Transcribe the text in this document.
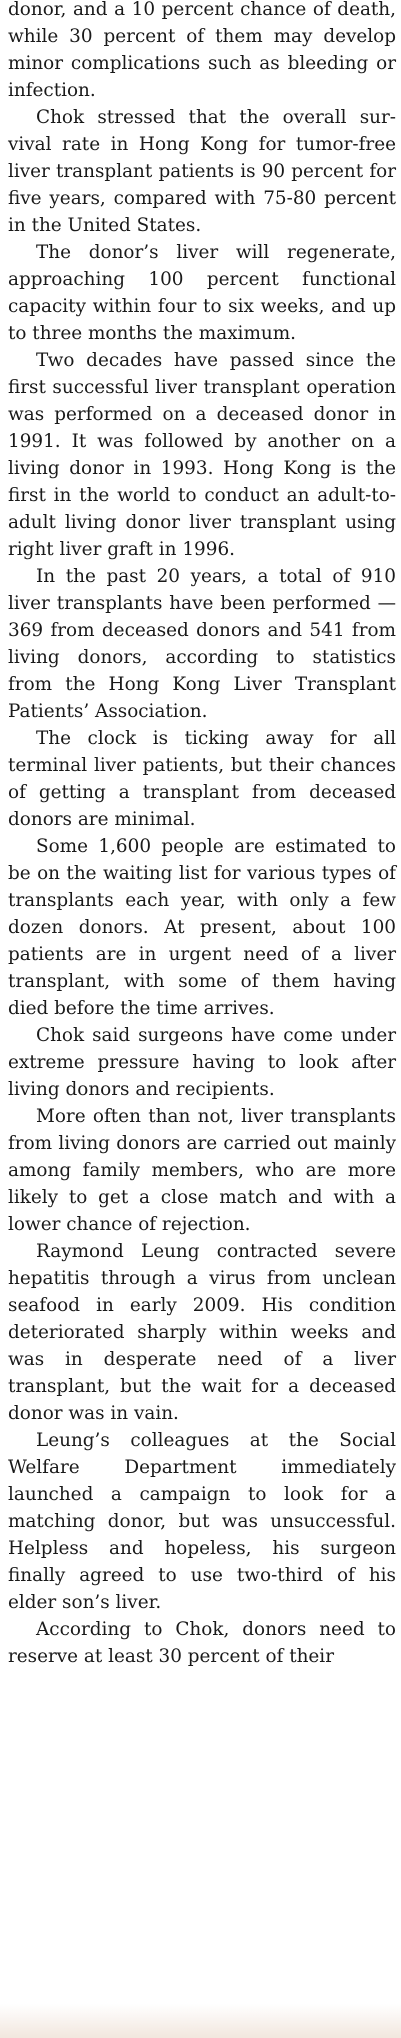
donor, and a 10 percent chance of death, while 30 percent of them may develop minor complications such as bleeding or infection.

Chok stressed that the overall survival rate in Hong Kong for tumor-free liver transplant patients is 90 percent for five years, compared with 75-80 percent in the United States.

The donor’s liver will regenerate, approaching 100 percent functional capacity within four to six weeks, and up to three months the maximum.

Two decades have passed since the first successful liver transplant operation was performed on a deceased donor in 1991. It was followed by another on a living donor in 1993. Hong Kong is the first in the world to conduct an adult-to-adult living donor liver transplant using right liver graft in 1996.

In the past 20 years, a total of 910 liver transplants have been performed — 369 from deceased donors and 541 from living donors, according to statistics from the Hong Kong Liver Transplant Patients’ Association.

The clock is ticking away for all terminal liver patients, but their chances of getting a transplant from deceased donors are minimal.

Some 1,600 people are estimated to be on the waiting list for various types of transplants each year, with only a few dozen donors. At present, about 100 patients are in urgent need of a liver transplant, with some of them having died before the time arrives.

Chok said surgeons have come under extreme pressure having to look after living donors and recipients.

More often than not, liver transplants from living donors are carried out mainly among family members, who are more likely to get a close match and with a lower chance of rejection.

Raymond Leung contracted severe hepatitis through a virus from unclean seafood in early 2009. His condition deteriorated sharply within weeks and was in desperate need of a liver transplant, but the wait for a deceased donor was in vain.

Leung’s colleagues at the Social Welfare Department immediately launched a campaign to look for a matching donor, but was unsuccessful. Helpless and hopeless, his surgeon finally agreed to use two-third of his elder son’s liver.

According to Chok, donors need to reserve at least 30 percent of their
